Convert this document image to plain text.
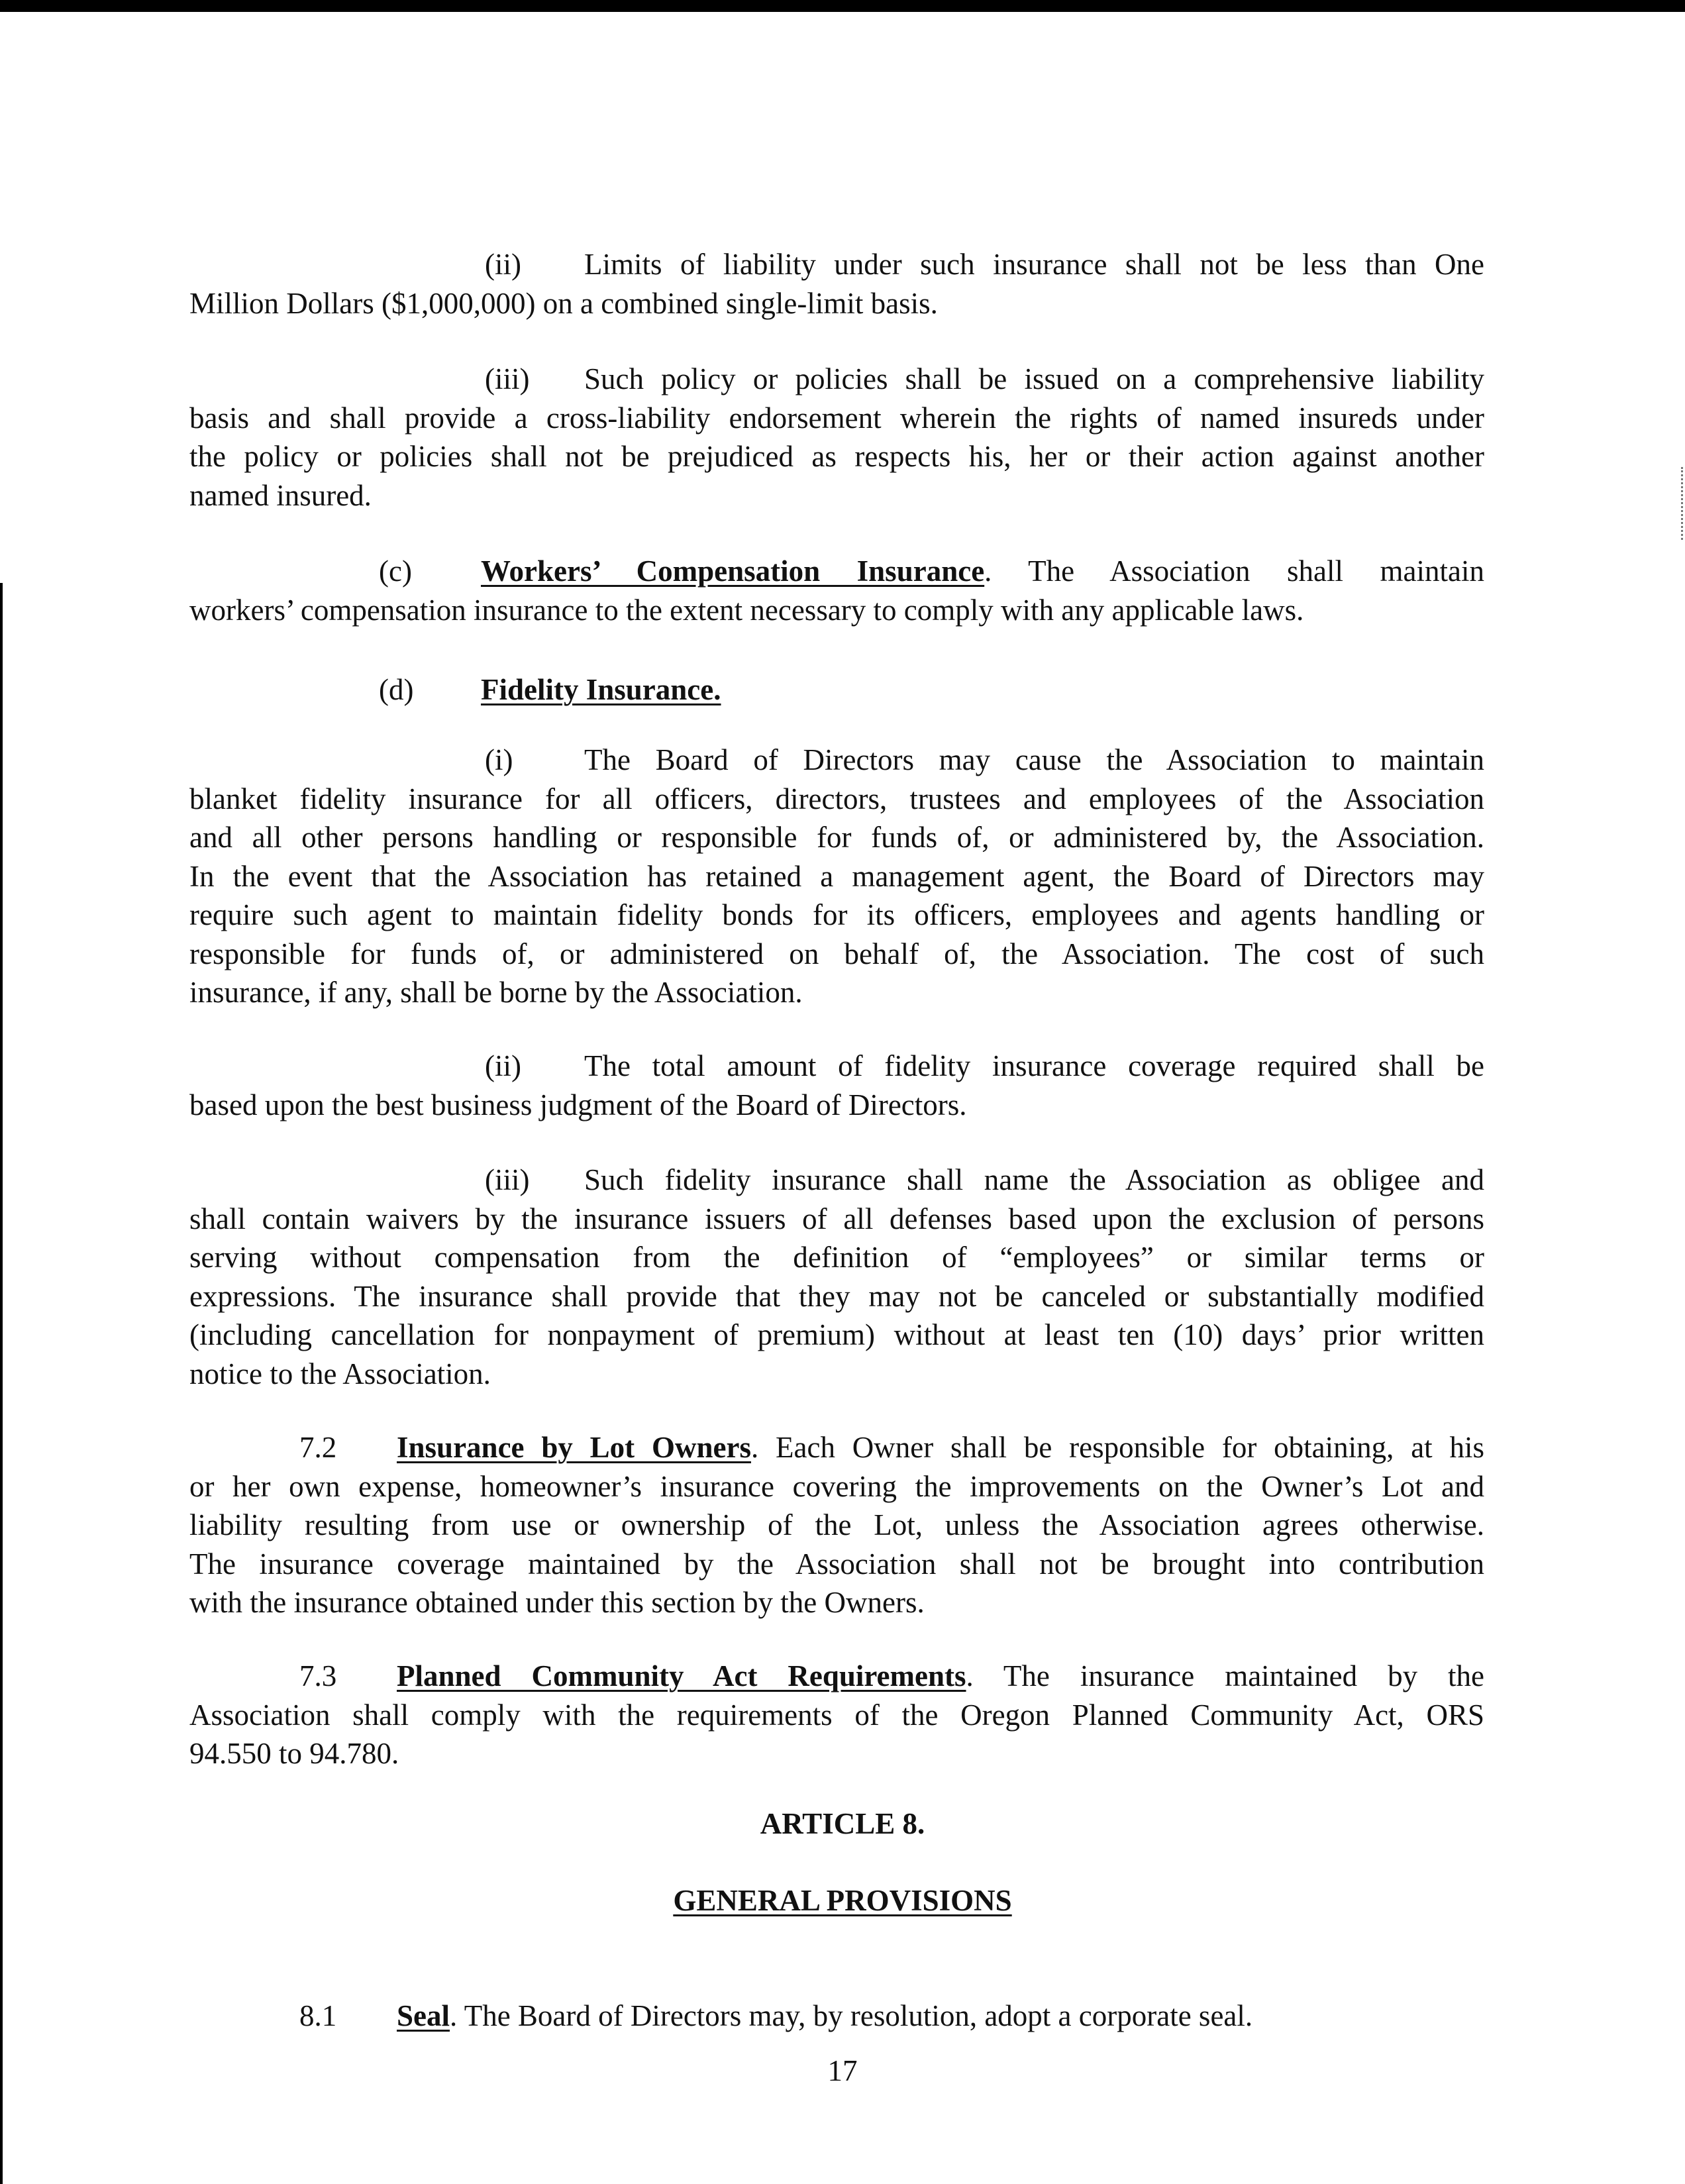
(ii) Limits of liability under such insurance shall not be less than One
Million Dollars ($1,000,000) on a combined single-limit basis.
(iii) Such policy or policies shall be issued on a comprehensive liability
basis and shall provide a cross-liability endorsement wherein the rights of named insureds under
the policy or policies shall not be prejudiced as respects his, her or their action against another
named insured.
(c) Workers’ Compensation Insurance. The Association shall maintain
workers’ compensation insurance to the extent necessary to comply with any applicable laws.
(d) Fidelity Insurance.
(i) The Board of Directors may cause the Association to maintain
blanket fidelity insurance for all officers, directors, trustees and employees of the Association
and all other persons handling or responsible for funds of, or administered by, the Association.
In the event that the Association has retained a management agent, the Board of Directors may
require such agent to maintain fidelity bonds for its officers, employees and agents handling or
responsible for funds of, or administered on behalf of, the Association. The cost of such
insurance, if any, shall be borne by the Association.
(ii) The total amount of fidelity insurance coverage required shall be
based upon the best business judgment of the Board of Directors.
(iii) Such fidelity insurance shall name the Association as obligee and
shall contain waivers by the insurance issuers of all defenses based upon the exclusion of persons
serving without compensation from the definition of “employees” or similar terms or
expressions. The insurance shall provide that they may not be canceled or substantially modified
(including cancellation for nonpayment of premium) without at least ten (10) days’ prior written
notice to the Association.
7.2 Insurance by Lot Owners. Each Owner shall be responsible for obtaining, at his
or her own expense, homeowner’s insurance covering the improvements on the Owner’s Lot and
liability resulting from use or ownership of the Lot, unless the Association agrees otherwise.
The insurance coverage maintained by the Association shall not be brought into contribution
with the insurance obtained under this section by the Owners.
7.3 Planned Community Act Requirements. The insurance maintained by the
Association shall comply with the requirements of the Oregon Planned Community Act, ORS
94.550 to 94.780.
ARTICLE 8.
GENERAL PROVISIONS
8.1 Seal. The Board of Directors may, by resolution, adopt a corporate seal.
17
